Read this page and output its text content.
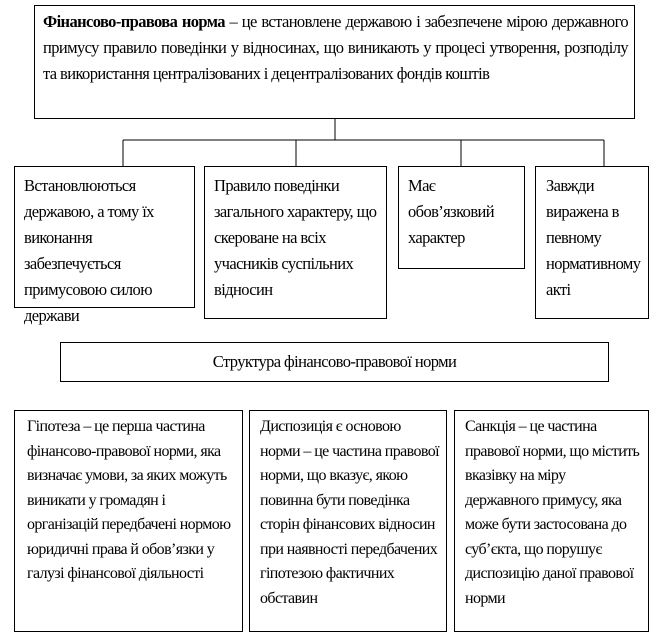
Фінансово-правова норма – це встановлене державою і забезпечене мірою державного примусу правило поведінки у відносинах, що виникають у процесі утворення, розподілу та використання централізованих і децентралізованих фондів коштів
Встановлюються державою, а тому їх виконання забезпечується примусовою силою держави
Правило поведінки загального характеру, що скероване на всіх учасників суспільних відносин
Має обов’язковий характер
Завжди виражена в певному нормативному акті
Структура фінансово-правової норми
Гіпотеза – це перша частина фінансово-правової норми, яка визначає умови, за яких можуть виникати у громадян і організацій передбачені нормою юридичні права й обов’язки у галузі фінансової діяльності
Диспозиція є основою норми – це частина правової норми, що вказує, якою повинна бути поведінка сторін фінансових відносин при наявності передбачених гіпотезою фактичних обставин
Санкція – це частина правової норми, що містить вказівку на міру державного примусу, яка може бути застосована до суб’єкта, що порушує диспозицію даної правової норми
